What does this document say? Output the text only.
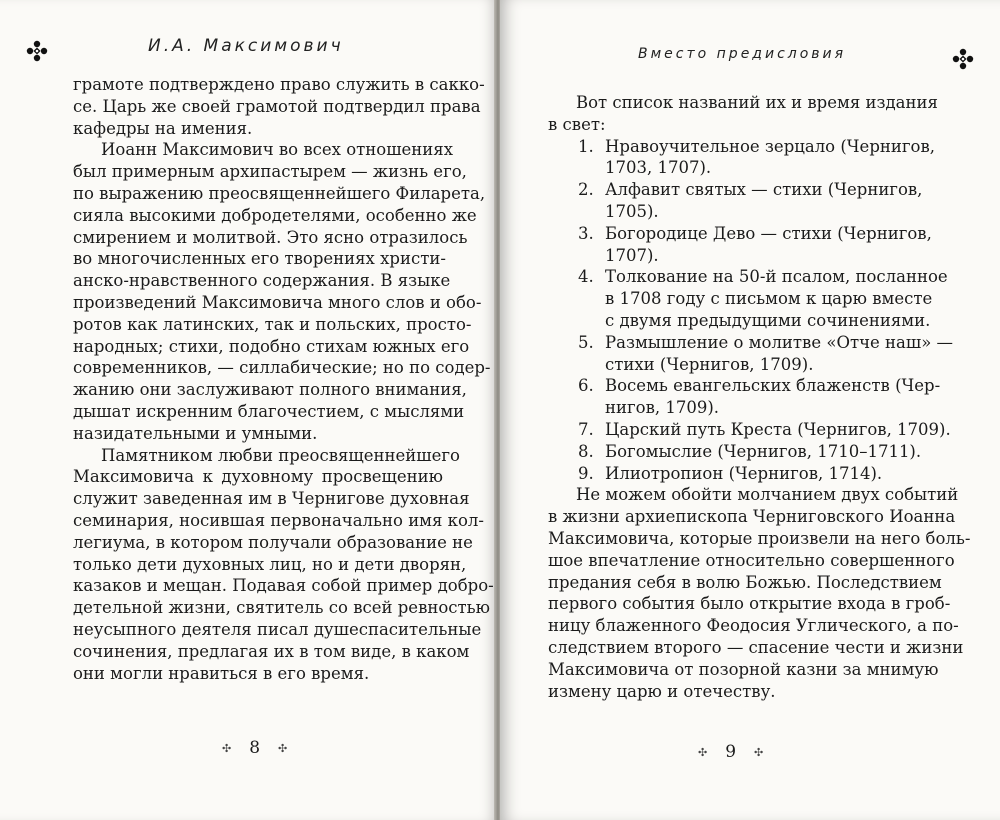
И.А. Максимович

грамоте подтверждено право служить в сакко-
се. Царь же своей грамотой подтвердил права
кафедры на имения.

Иоанн Максимович во всех отношениях
был примерным архипастырем — жизнь его,
по выражению преосвященнейшего Филарета,
сияла высокими добродетелями, особенно же
смирением и молитвой. Это ясно отразилось
во многочисленных его творениях христи-
анско-нравственного содержания. В языке
произведений Максимовича много слов и обо-
ротов как латинских, так и польских, просто-
народных; стихи, подобно стихам южных его
современников, — силлабические; но по содер-
жанию они заслуживают полного внимания,
дышат искренним благочестием, с мыслями
назидательными и умными.

Памятником любви преосвященнейшего
Максимовича к духовному просвещению
служит заведенная им в Чернигове духовная
семинария, носившая первоначально имя кол-
легиума, в котором получали образование не
только дети духовных лиц, но и дети дворян,
казаков и мещан. Подавая собой пример добро-
детельной жизни, святитель со всей ревностью
неусыпного деятеля писал душеспасительные
сочинения, предлагая их в том виде, в каком
они могли нравиться в его время.

✣ 8 ✣
Вместо предисловия

Вот список названий их и время издания
в свет:

1. Нравоучительное зерцало (Чернигов,
1703, 1707).
2. Алфавит святых — стихи (Чернигов,
1705).
3. Богородице Дево — стихи (Чернигов,
1707).
4. Толкование на 50-й псалом, посланное
в 1708 году с письмом к царю вместе
с двумя предыдущими сочинениями.
5. Размышление о молитве «Отче наш» —
стихи (Чернигов, 1709).
6. Восемь евангельских блаженств (Чер-
нигов, 1709).
7. Царский путь Креста (Чернигов, 1709).
8. Богомыслие (Чернигов, 1710–1711).
9. Илиотропион (Чернигов, 1714).

Не можем обойти молчанием двух событий
в жизни архиепископа Черниговского Иоанна
Максимовича, которые произвели на него боль-
шое впечатление относительно совершенного
предания себя в волю Божью. Последствием
первого события было открытие входа в гроб-
ницу блаженного Феодосия Углического, а по-
следствием второго — спасение чести и жизни
Максимовича от позорной казни за мнимую
измену царю и отечеству.

✣ 9 ✣
